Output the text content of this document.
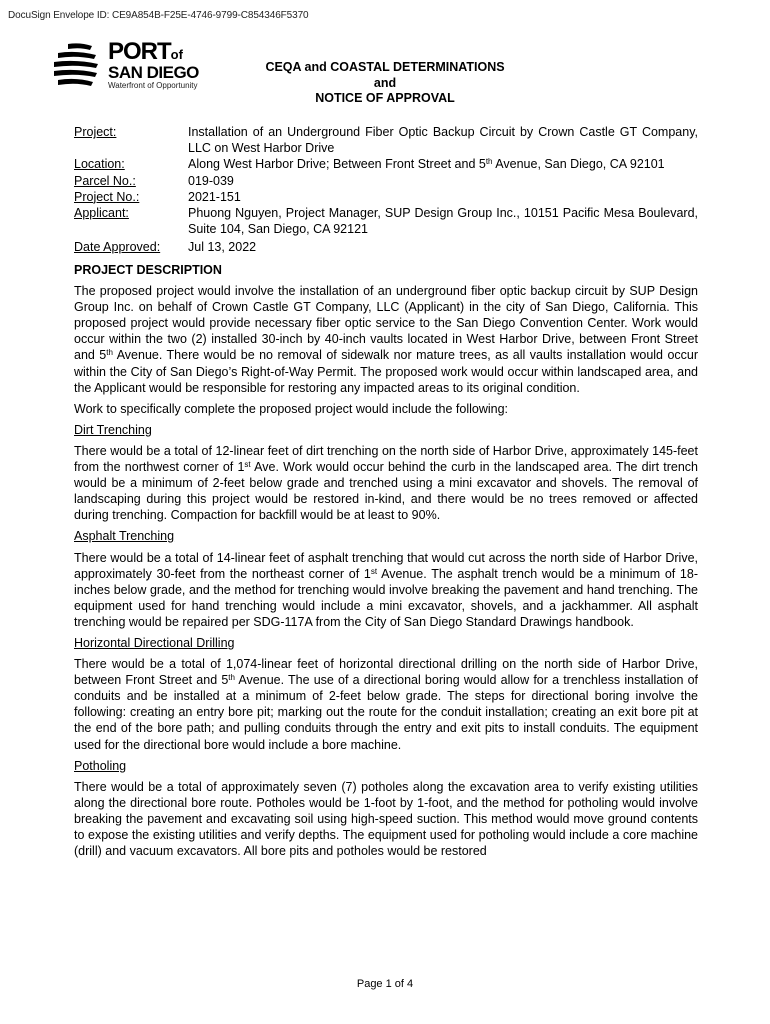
DocuSign Envelope ID: CE9A854B-F25E-4746-9799-C854346F5370
PORTof
SAN DIEGO
Waterfront of Opportunity
CEQA and COASTAL DETERMINATIONS
and
NOTICE OF APPROVAL
Project:	Installation of an Underground Fiber Optic Backup Circuit by Crown Castle GT Company, LLC on West Harbor Drive
Location:	Along West Harbor Drive; Between Front Street and 5th Avenue, San Diego, CA 92101
Parcel No.:	019-039
Project No.:	2021-151
Applicant:	Phuong Nguyen, Project Manager, SUP Design Group Inc., 10151 Pacific Mesa Boulevard, Suite 104, San Diego, CA 92121
Date Approved:	Jul 13, 2022
PROJECT DESCRIPTION

The proposed project would involve the installation of an underground fiber optic backup circuit by SUP Design Group Inc. on behalf of Crown Castle GT Company, LLC (Applicant) in the city of San Diego, California. This proposed project would provide necessary fiber optic service to the San Diego Convention Center. Work would occur within the two (2) installed 30-inch by 40-inch vaults located in West Harbor Drive, between Front Street and 5th Avenue. There would be no removal of sidewalk nor mature trees, as all vaults installation would occur within the City of San Diego’s Right-of-Way Permit. The proposed work would occur within landscaped area, and the Applicant would be responsible for restoring any impacted areas to its original condition.

Work to specifically complete the proposed project would include the following:

Dirt Trenching

There would be a total of 12-linear feet of dirt trenching on the north side of Harbor Drive, approximately 145-feet from the northwest corner of 1st Ave. Work would occur behind the curb in the landscaped area. The dirt trench would be a minimum of 2-feet below grade and trenched using a mini excavator and shovels. The removal of landscaping during this project would be restored in-kind, and there would be no trees removed or affected during trenching. Compaction for backfill would be at least to 90%.

Asphalt Trenching

There would be a total of 14-linear feet of asphalt trenching that would cut across the north side of Harbor Drive, approximately 30-feet from the northeast corner of 1st Avenue. The asphalt trench would be a minimum of 18-inches below grade, and the method for trenching would involve breaking the pavement and hand trenching. The equipment used for hand trenching would include a mini excavator, shovels, and a jackhammer. All asphalt trenching would be repaired per SDG-117A from the City of San Diego Standard Drawings handbook.

Horizontal Directional Drilling

There would be a total of 1,074-linear feet of horizontal directional drilling on the north side of Harbor Drive, between Front Street and 5th Avenue. The use of a directional boring would allow for a trenchless installation of conduits and be installed at a minimum of 2-feet below grade. The steps for directional boring involve the following: creating an entry bore pit; marking out the route for the conduit installation; creating an exit bore pit at the end of the bore path; and pulling conduits through the entry and exit pits to install conduits. The equipment used for the directional bore would include a bore machine.

Potholing

There would be a total of approximately seven (7) potholes along the excavation area to verify existing utilities along the directional bore route. Potholes would be 1-foot by 1-foot, and the method for potholing would involve breaking the pavement and excavating soil using high-speed suction. This method would move ground contents to expose the existing utilities and verify depths. The equipment used for potholing would include a core machine (drill) and vacuum excavators. All bore pits and potholes would be restored

Page 1 of 4
